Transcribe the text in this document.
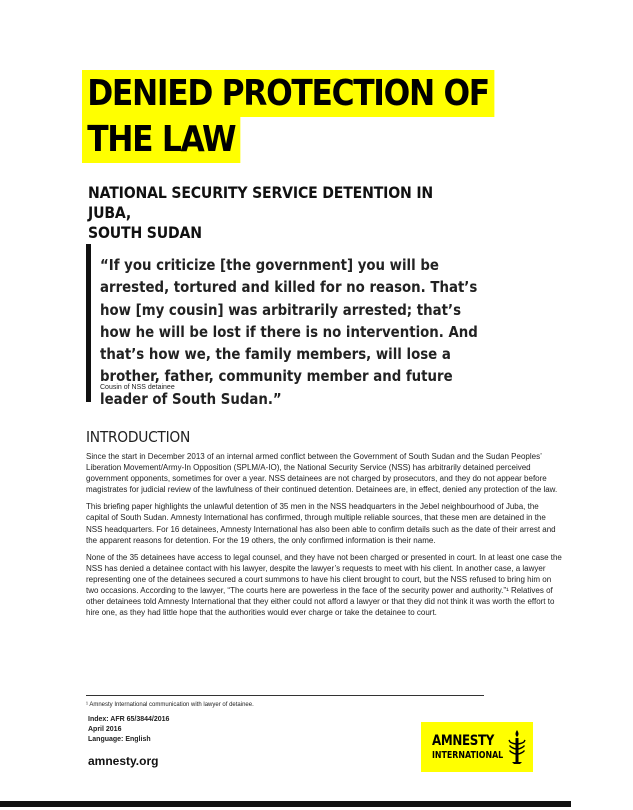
DENIED PROTECTION OF
THE LAW
NATIONAL SECURITY SERVICE DETENTION IN JUBA,
SOUTH SUDAN
“If you criticize [the government] you will be arrested, tortured and killed for no reason. That’s how [my cousin] was arbitrarily arrested; that’s how he will be lost if there is no intervention. And that’s how we, the family members, will lose a brother, father, community member and future leader of South Sudan.”
Cousin of NSS detainee
INTRODUCTION

Since the start in December 2013 of an internal armed conflict between the Government of South Sudan and the Sudan Peoples’ Liberation Movement/Army-In Opposition (SPLM/A-IO), the National Security Service (NSS) has arbitrarily detained perceived government opponents, sometimes for over a year. NSS detainees are not charged by prosecutors, and they do not appear before magistrates for judicial review of the lawfulness of their continued detention. Detainees are, in effect, denied any protection of the law.

This briefing paper highlights the unlawful detention of 35 men in the NSS headquarters in the Jebel neighbourhood of Juba, the capital of South Sudan. Amnesty International has confirmed, through multiple reliable sources, that these men are detained in the NSS headquarters. For 16 detainees, Amnesty International has also been able to confirm details such as the date of their arrest and the apparent reasons for detention. For the 19 others, the only confirmed information is their name.

None of the 35 detainees have access to legal counsel, and they have not been charged or presented in court. In at least one case the NSS has denied a detainee contact with his lawyer, despite the lawyer’s requests to meet with his client. In another case, a lawyer representing one of the detainees secured a court summons to have his client brought to court, but the NSS refused to bring him on two occasions. According to the lawyer, “The courts here are powerless in the face of the security power and authority.”¹ Relatives of other detainees told Amnesty International that they either could not afford a lawyer or that they did not think it was worth the effort to hire one, as they had little hope that the authorities would ever charge or take the detainee to court.

¹ Amnesty International communication with lawyer of detainee.
Index: AFR 65/3844/2016
April 2016
Language: English
amnesty.org
AMNESTY
INTERNATIONAL
